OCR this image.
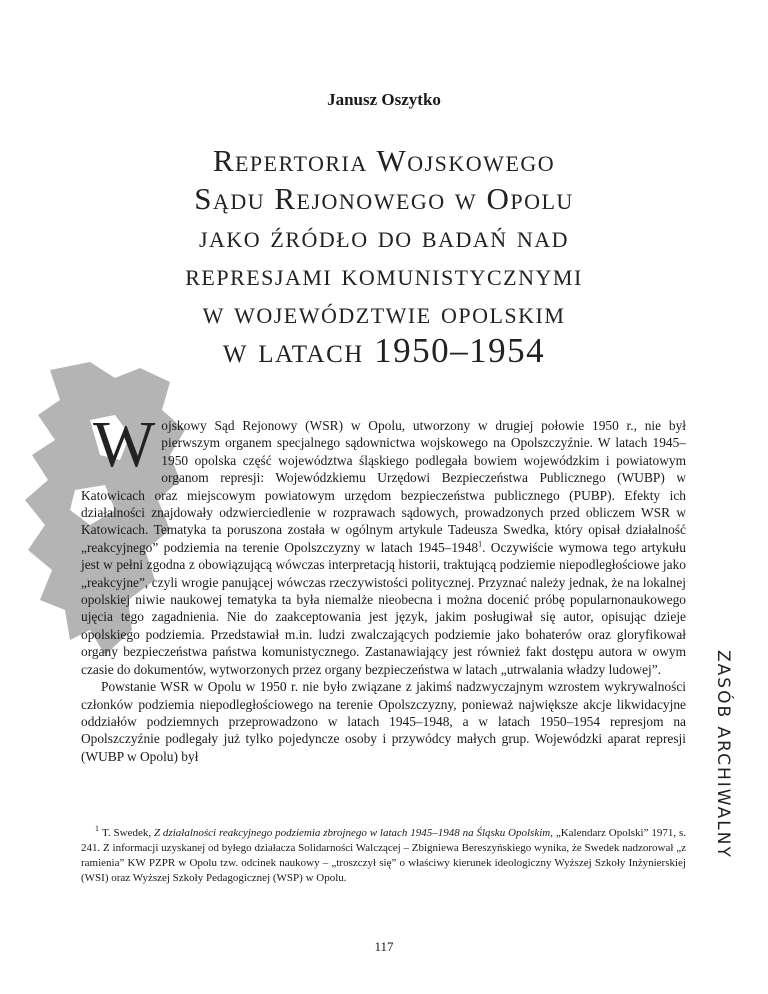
Janusz Oszytko
Repertoria Wojskowego
Sądu Rejonowego w Opolu
jako źródło do badań nad
represjami komunistycznymi
w województwie opolskim
w latach 1950–1954

Wojskowy Sąd Rejonowy (WSR) w Opolu, utworzony w drugiej połowie 1950 r., nie był pierwszym organem specjalnego sądownictwa wojskowego na Opolszczyźnie. W latach 1945–1950 opolska część województwa śląskiego podlegała bowiem wojewódzkim i powiatowym organom represji: Wojewódzkiemu Urzędowi Bezpieczeństwa Publicznego (WUBP) w Katowicach oraz miejscowym powiatowym urzędom bezpieczeństwa publicznego (PUBP). Efekty ich działalności znajdowały odzwierciedlenie w rozprawach sądowych, prowadzonych przed obliczem WSR w Katowicach. Tematyka ta poruszona została w ogólnym artykule Tadeusza Swedka, który opisał działalność „reakcyjnego” podziemia na terenie Opolszczyzny w latach 1945–1948$^1$. Oczywiście wymowa tego artykułu jest w pełni zgodna z obowiązującą wówczas interpretacją historii, traktującą podziemie niepodległościowe jako „reakcyjne”, czyli wrogie panującej wówczas rzeczywistości politycznej. Przyznać należy jednak, że na lokalnej opolskiej niwie naukowej tematyka ta była niemalże nieobecna i można docenić próbę popularnonaukowego ujęcia tego zagadnienia. Nie do zaakceptowania jest język, jakim posługiwał się autor, opisując dzieje opolskiego podziemia. Przedstawiał m.in. ludzi zwalczających podziemie jako bohaterów oraz gloryfikował organy bezpieczeństwa państwa komunistycznego. Zastanawiający jest również fakt dostępu autora w owym czasie do dokumentów, wytworzonych przez organy bezpieczeństwa w latach „utrwalania władzy ludowej”.

Powstanie WSR w Opolu w 1950 r. nie było związane z jakimś nadzwyczajnym wzrostem wykrywalności członków podziemia niepodległościowego na terenie Opolszczyzny, ponieważ największe akcje likwidacyjne oddziałów podziemnych przeprowadzono w latach 1945–1948, a w latach 1950–1954 represjom na Opolszczyźnie podlegały już tylko pojedyncze osoby i przywódcy małych grup. Wojewódzki aparat represji (WUBP w Opolu) był

$^1$ T. Swedek, Z działalności reakcyjnego podziemia zbrojnego w latach 1945–1948 na Śląsku Opolskim, „Kalendarz Opolski” 1971, s. 241. Z informacji uzyskanej od byłego działacza Solidarności Walczącej – Zbigniewa Bereszyńskiego wynika, że Swedek nadzorował „z ramienia” KW PZPR w Opolu tzw. odcinek naukowy – „troszczył się” o właściwy kierunek ideologiczny Wyższej Szkoły Inżynierskiej (WSI) oraz Wyższej Szkoły Pedagogicznej (WSP) w Opolu.
117
ZASÓB ARCHIWALNY
